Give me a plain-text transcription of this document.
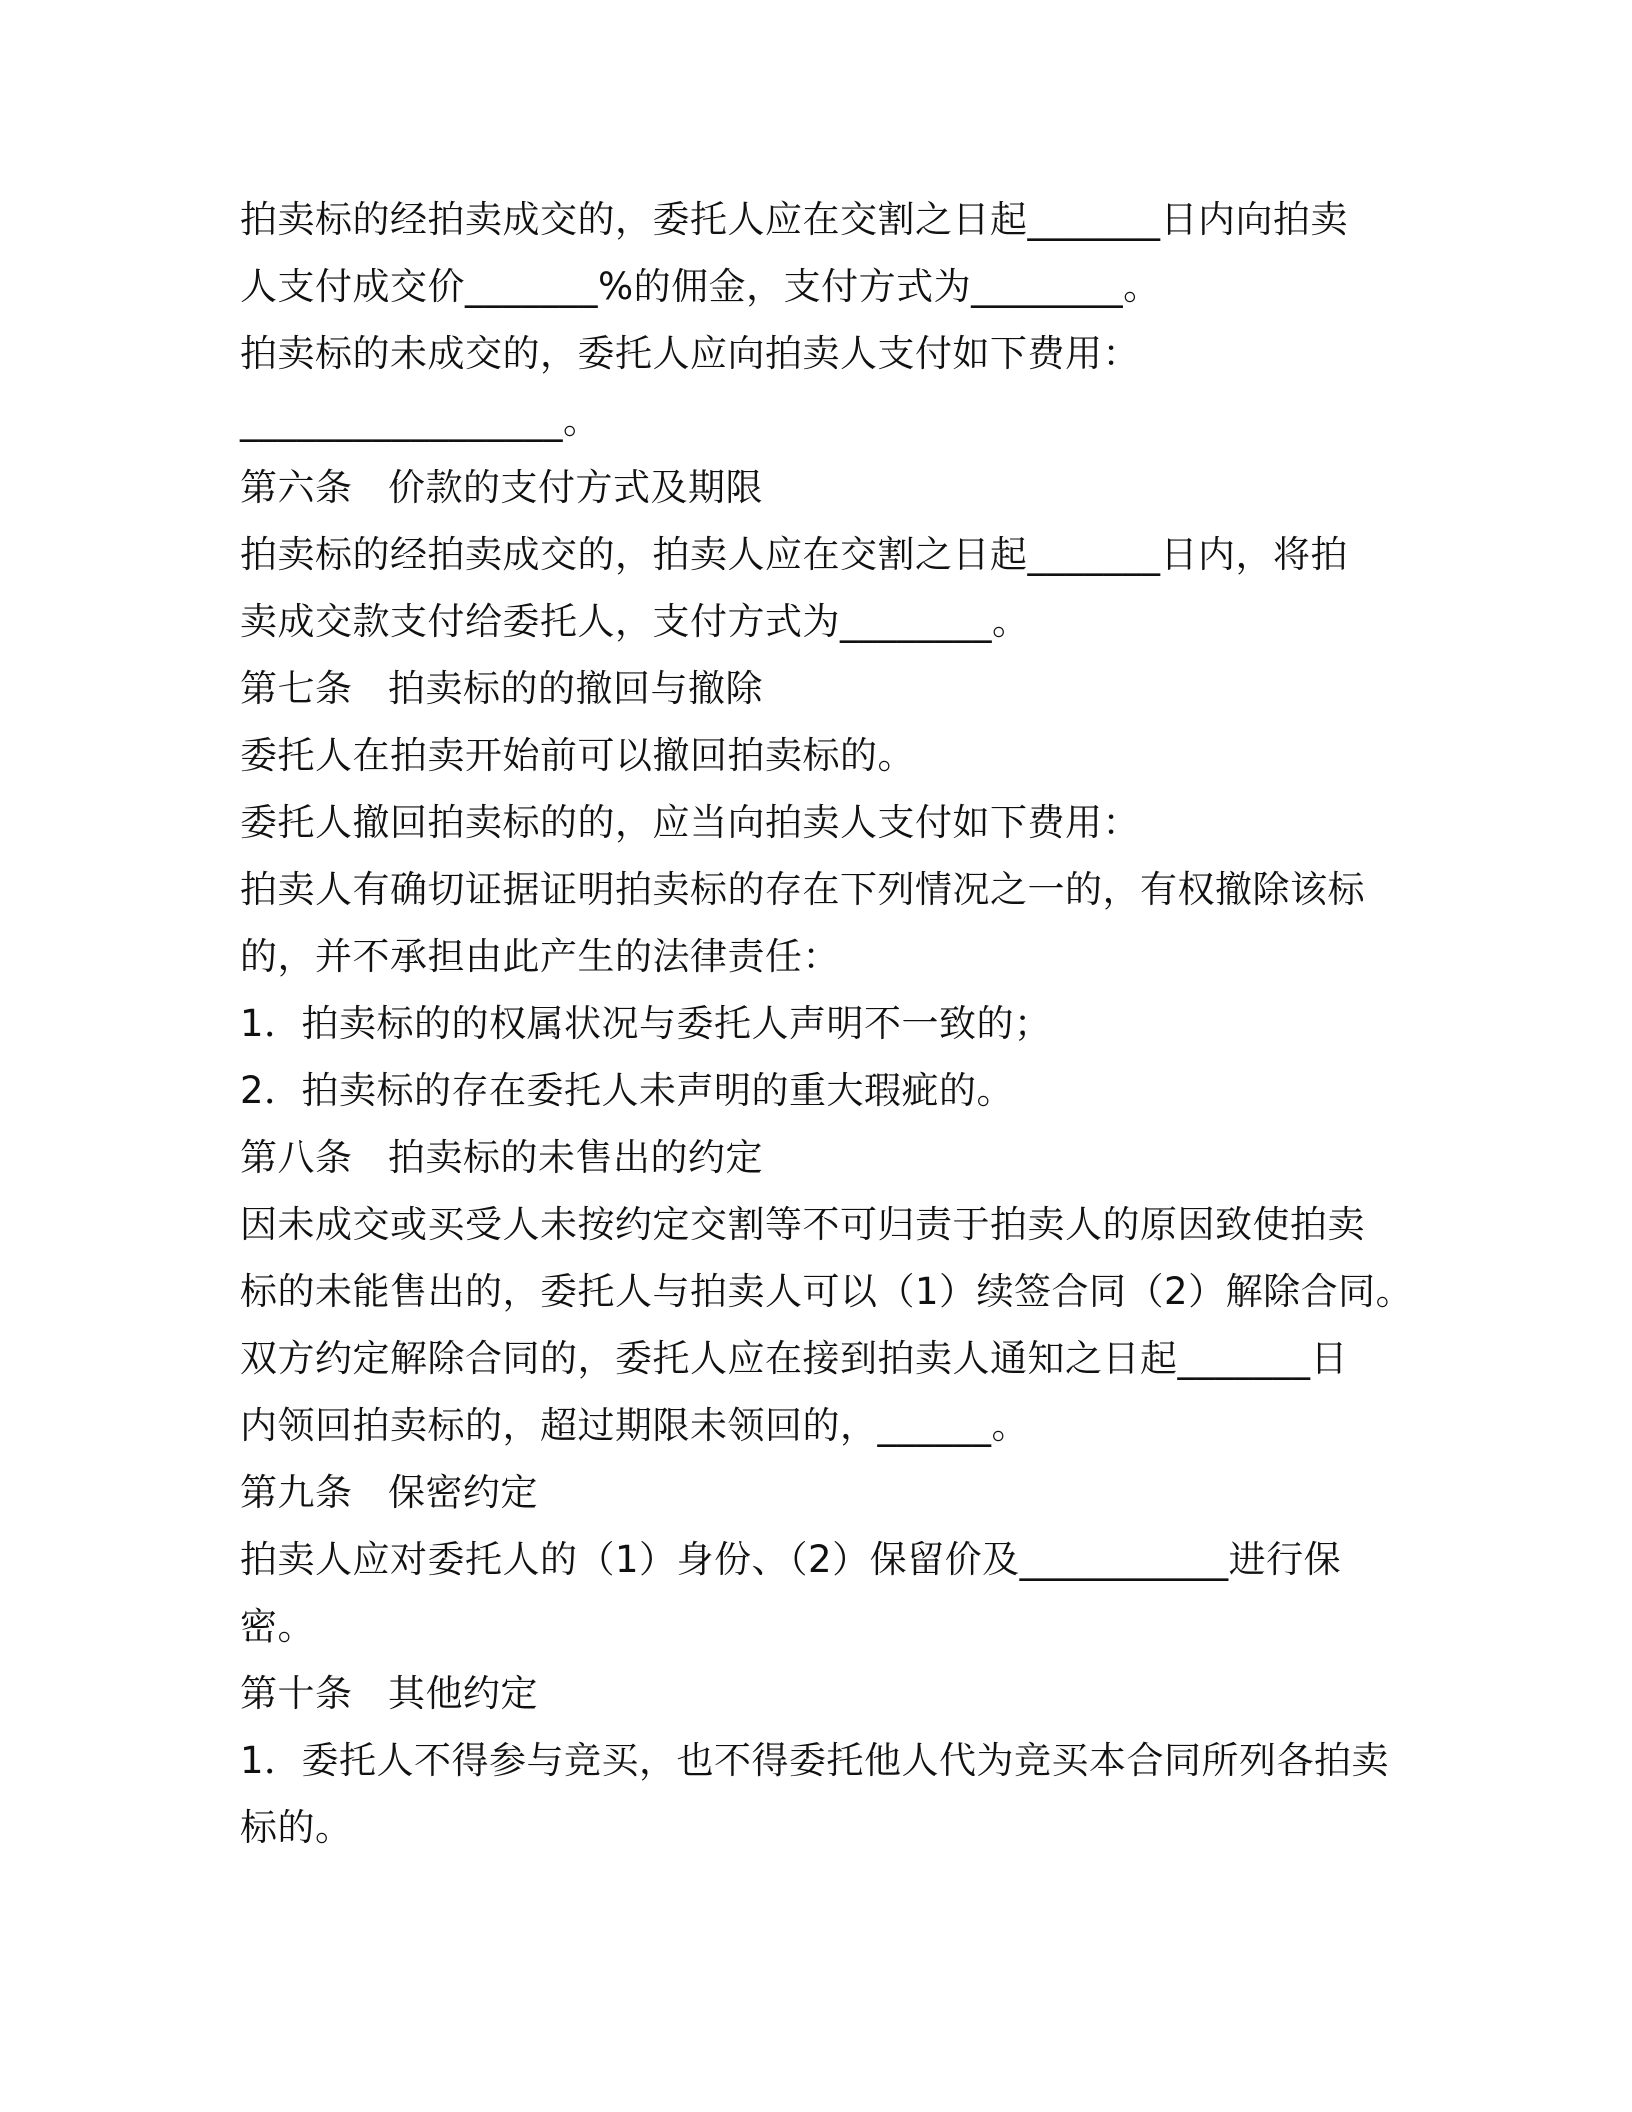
拍卖标的经拍卖成交的，委托人应在交割之日起_______日内向拍卖
人支付成交价_______%的佣金，支付方式为________。
拍卖标的未成交的，委托人应向拍卖人支付如下费用：
_________________。
第六条 价款的支付方式及期限
拍卖标的经拍卖成交的，拍卖人应在交割之日起_______日内，将拍
卖成交款支付给委托人，支付方式为________。
第七条 拍卖标的的撤回与撤除
委托人在拍卖开始前可以撤回拍卖标的。
委托人撤回拍卖标的的，应当向拍卖人支付如下费用：
拍卖人有确切证据证明拍卖标的存在下列情况之一的，有权撤除该标
的，并不承担由此产生的法律责任：
1．拍卖标的的权属状况与委托人声明不一致的；
2．拍卖标的存在委托人未声明的重大瑕疵的。
第八条 拍卖标的未售出的约定
因未成交或买受人未按约定交割等不可归责于拍卖人的原因致使拍卖
标的未能售出的，委托人与拍卖人可以（1）续签合同（2）解除合同。
双方约定解除合同的，委托人应在接到拍卖人通知之日起_______日
内领回拍卖标的，超过期限未领回的，______。
第九条 保密约定
拍卖人应对委托人的（1）身份、（2）保留价及___________进行保
密。
第十条 其他约定
1．委托人不得参与竞买，也不得委托他人代为竞买本合同所列各拍卖
标的。
